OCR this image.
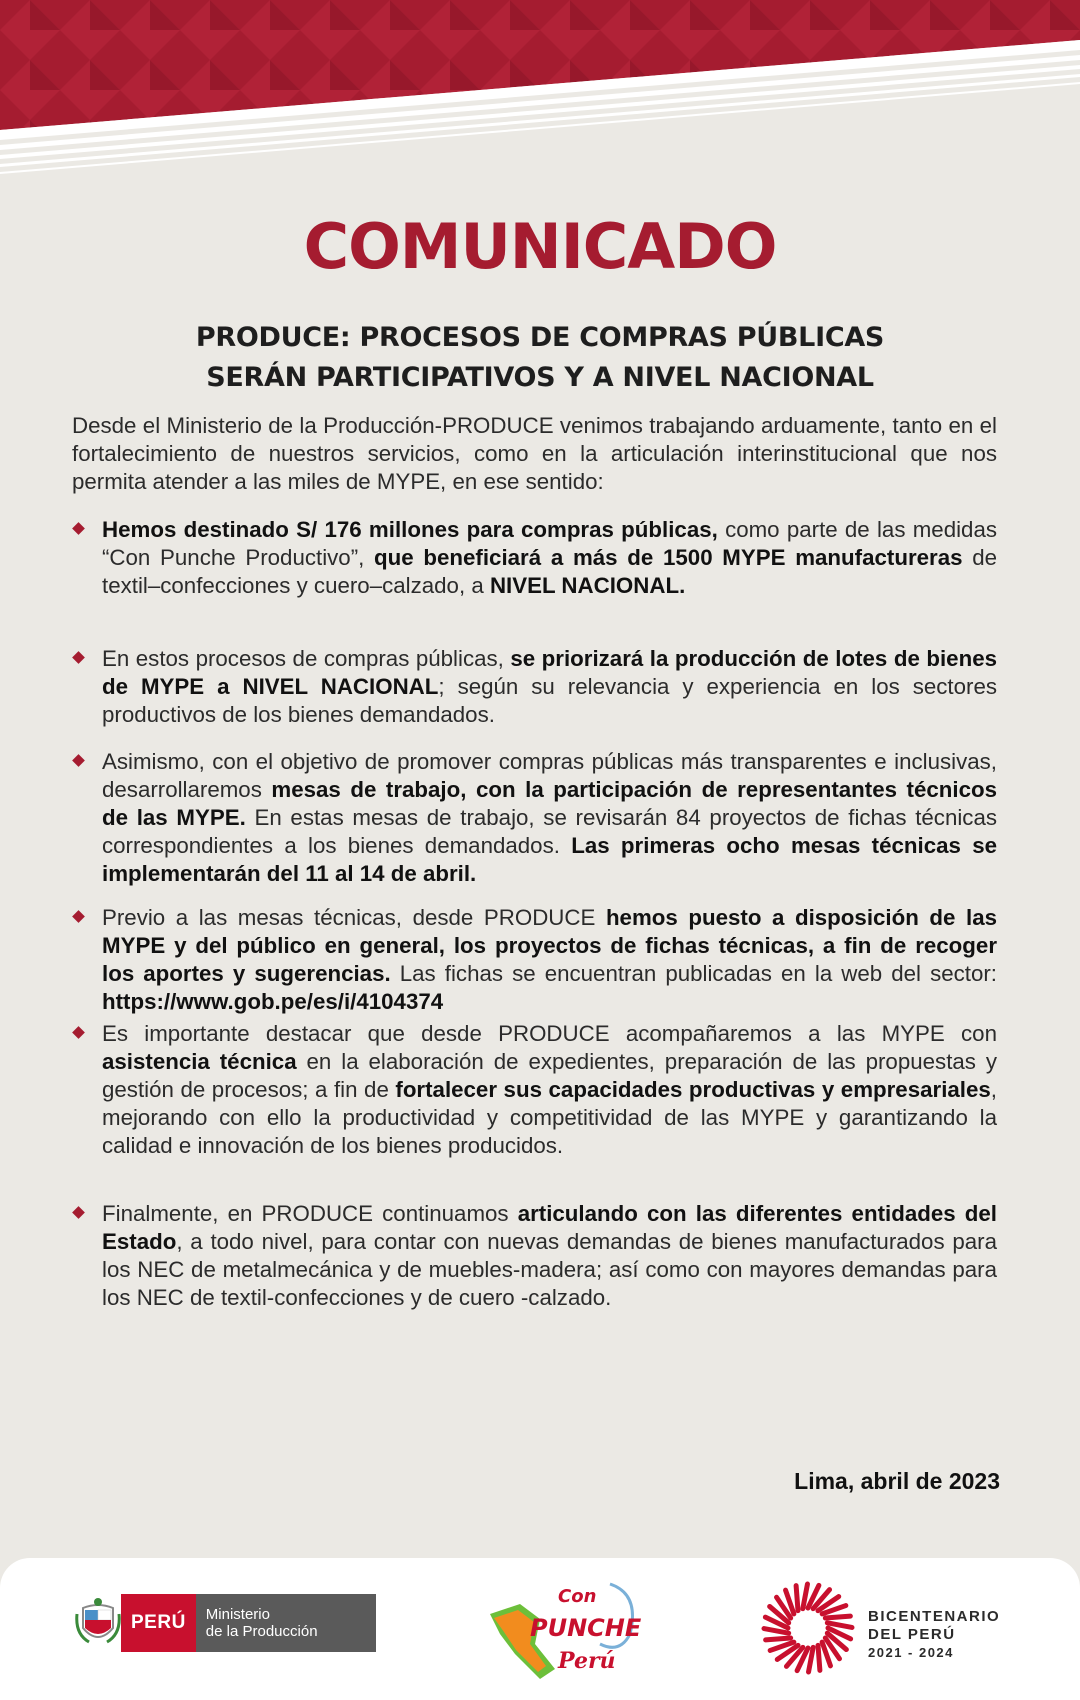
COMUNICADO
PRODUCE: PROCESOS DE COMPRAS PÚBLICAS
SERÁN PARTICIPATIVOS Y A NIVEL NACIONAL

Desde el Ministerio de la Producción-PRODUCE venimos trabajando arduamente, tanto en el fortalecimiento de nuestros servicios, como en la articulación interinstitucional que nos permita atender a las miles de MYPE, en ese sentido:

Hemos destinado S/ 176 millones para compras públicas, como parte de las medidas “Con Punche Productivo”, que beneficiará a más de 1500 MYPE manufactureras de textil–confecciones y cuero–calzado, a NIVEL NACIONAL.

En estos procesos de compras públicas, se priorizará la producción de lotes de bienes de MYPE a NIVEL NACIONAL; según su relevancia y experiencia en los sectores productivos de los bienes demandados.

Asimismo, con el objetivo de promover compras públicas más transparentes e inclusivas, desarrollaremos mesas de trabajo, con la participación de representantes técnicos de las MYPE. En estas mesas de trabajo, se revisarán 84 proyectos de fichas técnicas correspondientes a los bienes demandados. Las primeras ocho mesas técnicas se implementarán del 11 al 14 de abril.

Previo a las mesas técnicas, desde PRODUCE hemos puesto a disposición de las MYPE y del público en general, los proyectos de fichas técnicas, a fin de recoger los aportes y sugerencias. Las fichas se encuentran publicadas en la web del sector: https://www.gob.pe/es/i/4104374

Es importante destacar que desde PRODUCE acompañaremos a las MYPE con asistencia técnica en la elaboración de expedientes, preparación de las propuestas y gestión de procesos; a fin de fortalecer sus capacidades productivas y empresariales, mejorando con ello la productividad y competitividad de las MYPE y garantizando la calidad e innovación de los bienes producidos.

Finalmente, en PRODUCE continuamos articulando con las diferentes entidades del Estado, a todo nivel, para contar con nuevas demandas de bienes manufacturados para los NEC de metalmecánica y de muebles-madera; así como con mayores demandas para los NEC de textil-confecciones y de cuero -calzado.

Lima, abril de 2023

PERÚ	Ministerio
de la Producción
Con
PUNCHE
Perú
BICENTENARIO
DEL PERÚ
2021 - 2024
